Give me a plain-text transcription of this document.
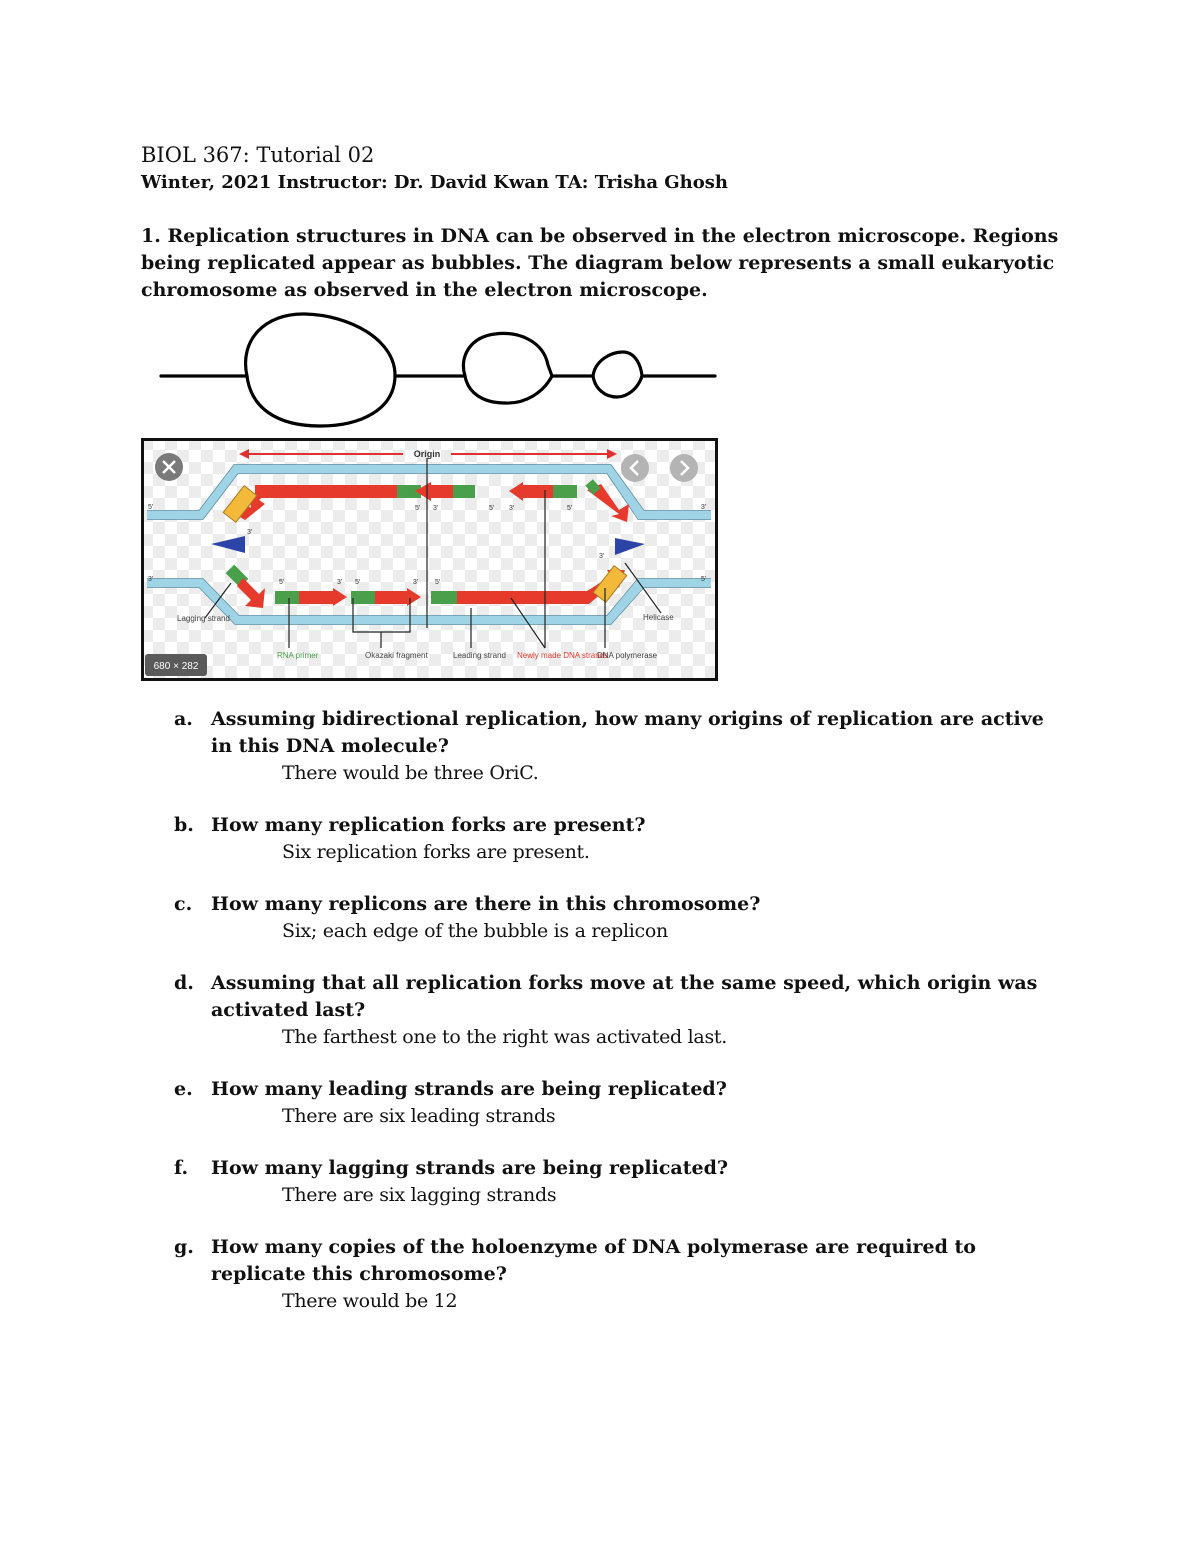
BIOL 367: Tutorial 02
Winter, 2021 Instructor: Dr. David Kwan TA: Trisha Ghosh
1. Replication structures in DNA can be observed in the electron microscope. Regions being replicated appear as bubbles. The diagram below represents a small eukaryotic chromosome as observed in the electron microscope.
Origin
5'
3'
3'
5'
3'
3'
5' 3'	5' 3'	5'
5'	3' 5'	3' 5'
Lagging strand	Helicase
RNA primer	Okazaki fragment	Leading strand Newly made DNA strands
DNA polymerase
680 × 282
a. Assuming bidirectional replication, how many origins of replication are active in this DNA molecule?
There would be three OriC.
b. How many replication forks are present?
Six replication forks are present.
c. How many replicons are there in this chromosome?
Six; each edge of the bubble is a replicon
d. Assuming that all replication forks move at the same speed, which origin was activated last?
The farthest one to the right was activated last.
e. How many leading strands are being replicated?
There are six leading strands
f. How many lagging strands are being replicated?
There are six lagging strands
g. How many copies of the holoenzyme of DNA polymerase are required to replicate this chromosome?
There would be 12
